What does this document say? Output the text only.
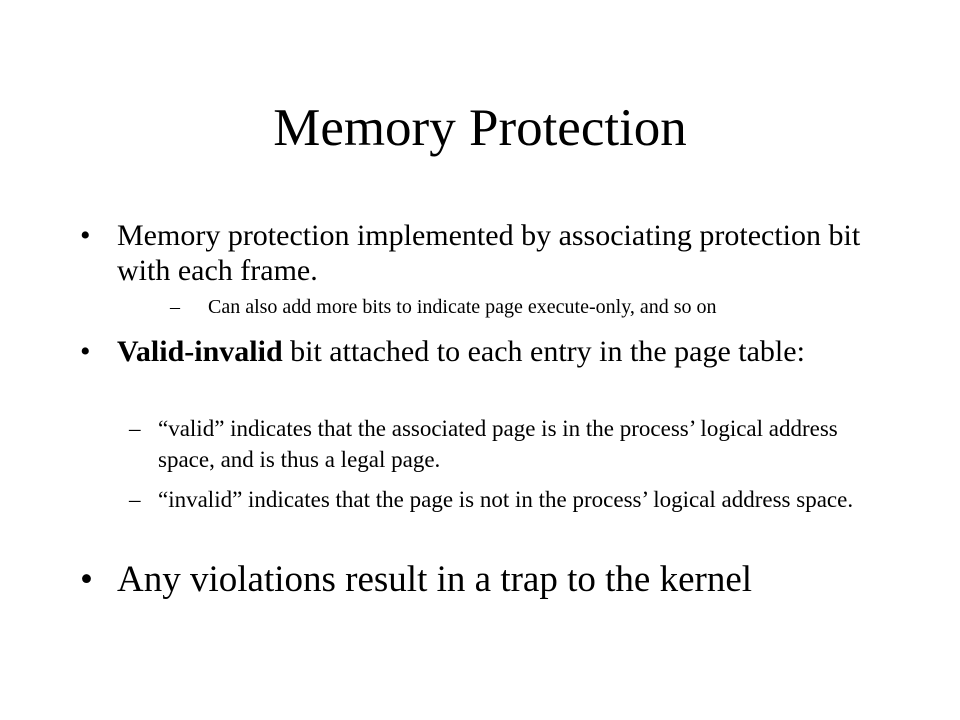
Memory Protection
• Memory protection implemented by associating protection bit with each frame.
– Can also add more bits to indicate page execute-only, and so on
• Valid-invalid bit attached to each entry in the page table:
– “valid” indicates that the associated page is in the process’ logical address space, and is thus a legal page.
– “invalid” indicates that the page is not in the process’ logical address space.
• Any violations result in a trap to the kernel
